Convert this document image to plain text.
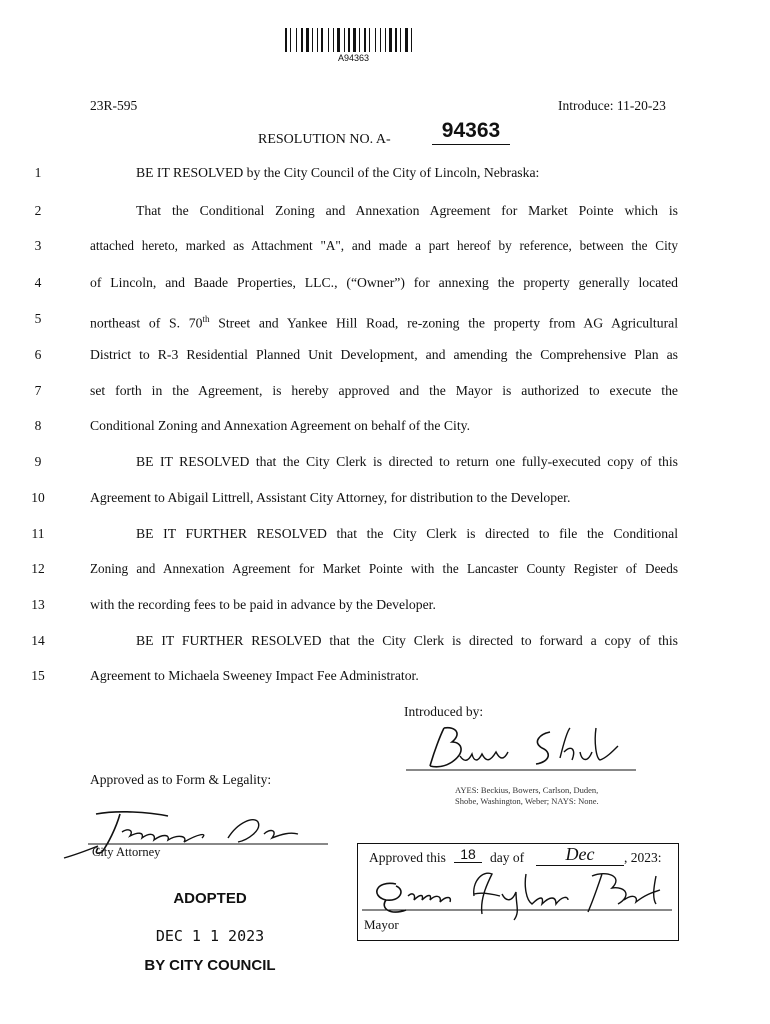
A94363
23R-595	Introduce: 11-20-23
RESOLUTION NO. A-	94363
1	BE IT RESOLVED by the City Council of the City of Lincoln, Nebraska:
2	That the Conditional Zoning and Annexation Agreement for Market Pointe which is
3	attached hereto, marked as Attachment "A", and made a part hereof by reference, between the City
4	of Lincoln, and Baade Properties, LLC., (“Owner”) for annexing the property generally located
5	northeast of S. 70th Street and Yankee Hill Road, re-zoning the property from AG Agricultural
6	District to R-3 Residential Planned Unit Development, and amending the Comprehensive Plan as
7	set forth in the Agreement, is hereby approved and the Mayor is authorized to execute the
8	Conditional Zoning and Annexation Agreement on behalf of the City.
9	BE IT RESOLVED that the City Clerk is directed to return one fully-executed copy of this
10	Agreement to Abigail Littrell, Assistant City Attorney, for distribution to the Developer.
11	BE IT FURTHER RESOLVED that the City Clerk is directed to file the Conditional
12	Zoning and Annexation Agreement for Market Pointe with the Lancaster County Register of Deeds
13	with the recording fees to be paid in advance by the Developer.
14	BE IT FURTHER RESOLVED that the City Clerk is directed to forward a copy of this
15	Agreement to Michaela Sweeney Impact Fee Administrator.
Introduced by:
AYES: Beckius, Bowers, Carlson, Duden,
Shobe, Washington, Weber; NAYS: None.
Approved as to Form & Legality:
City Attorney	Approved this	18	day of	Dec	, 2023:
Mayor
ADOPTED
DEC 1 1 2023
BY CITY COUNCIL
